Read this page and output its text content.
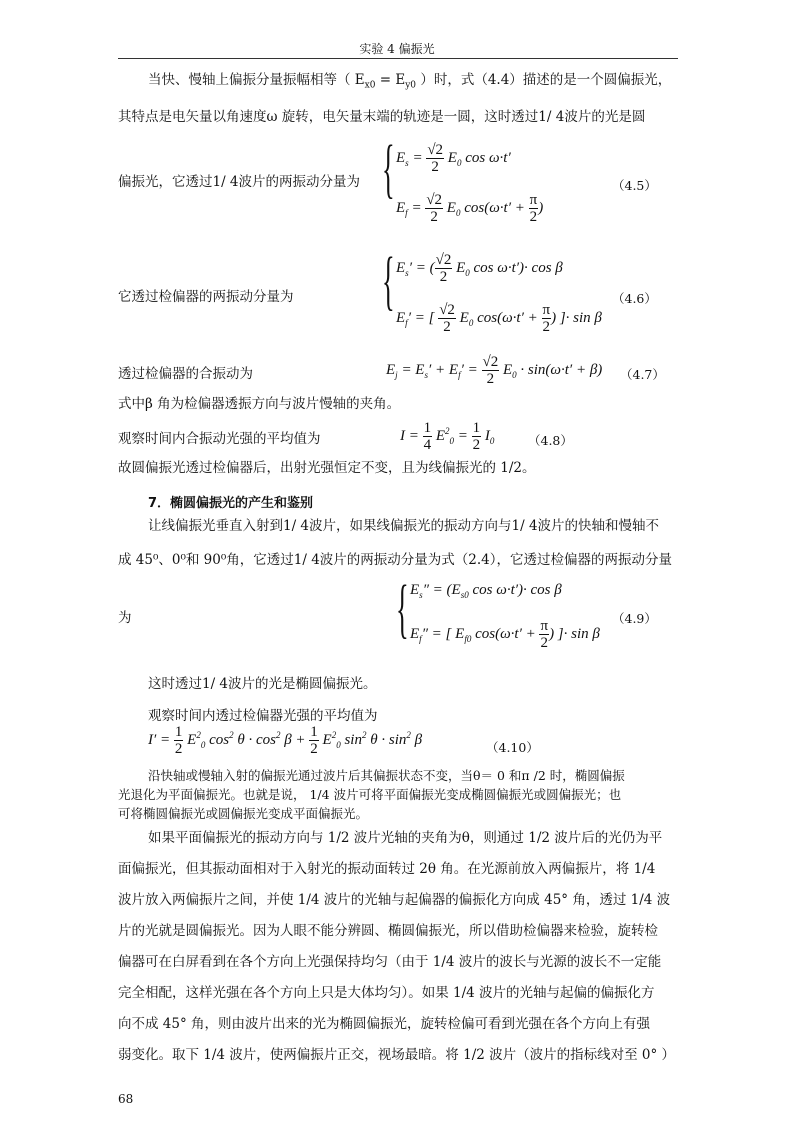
实验 4 偏振光
当快、慢轴上偏振分量振幅相等（ $E_{x0} = E_{y0}$ ）时，式（4.4）描述的是一个圆偏振光，
其特点是电矢量以角速度ω 旋转，电矢量末端的轨迹是一圆，这时透过1/ 4波片的光是圆
偏振光，它透过1/ 4波片的两振动分量为 { $E_s = \frac{√2}{2} E_0$ cos ω·t′
$E_f = \frac{√2}{2} E_0$ $\cos(\omega\cdot t' + \frac{\pi}{2}$ )
（4.5）
它透过检偏器的两振动分量为 { $E_s'$ = ( $\frac{√2}{2} E_0$ cos ω·t′)· cos β
$E_f'$ = [ $\frac{√2}{2} E_0$ $\cos(\omega\cdot t' + \frac{\pi}{2}$ ) ]· sin β
（4.6）
透过检偏器的合振动为	$E_j = E_s' + E_f' = \frac{√2}{2} E_0 \cdot \sin(\omega\cdot t' + \beta)$ （4.7）
式中β 角为检偏器透振方向与波片慢轴的夹角。
观察时间内合振动光强的平均值为	$I = \frac{1}{4} E^2_0 = \frac{1}{2} I_0$	（4.8）
故圆偏振光透过检偏器后，出射光强恒定不变，且为线偏振光的 1/2。
7．椭圆偏振光的产生和鉴别
让线偏振光垂直入射到1/ 4波片，如果线偏振光的振动方向与1/ 4波片的快轴和慢轴不
成 45⁰、0⁰和 90⁰角，它透过1/ 4波片的两振动分量为式（2.4），它透过检偏器的两振动分量
为	{ $E_s'' = (E_{s0}$ cos ω·t′)· cos β
$E_f''$ = [ $E_{f0}$ $\cos(\omega\cdot t' + \frac{\pi}{2}$ ) ]· sin β
（4.9）
这时透过1/ 4波片的光是椭圆偏振光。
观察时间内透过检偏器光强的平均值为
$I' = \frac{1}{2} E^2_0$ $\cos^2 \theta \cdot \cos^2 \beta + \frac{1}{2} E^2_0$ $\sin^2 \theta \cdot \sin^2 \beta$	（4.10）
沿快轴或慢轴入射的偏振光通过波片后其偏振状态不变，当θ＝ 0 和π /2 时，椭圆偏振
光退化为平面偏振光。也就是说， 1/4 波片可将平面偏振光变成椭圆偏振光或圆偏振光；也
可将椭圆偏振光或圆偏振光变成平面偏振光。
如果平面偏振光的振动方向与 1/2 波片光轴的夹角为θ，则通过 1/2 波片后的光仍为平
面偏振光，但其振动面相对于入射光的振动面转过 2θ 角。在光源前放入两偏振片，将 1/4
波片放入两偏振片之间，并使 1/4 波片的光轴与起偏器的偏振化方向成 45° 角，透过 1/4 波
片的光就是圆偏振光。因为人眼不能分辨圆、椭圆偏振光，所以借助检偏器来检验，旋转检
偏器可在白屏看到在各个方向上光强保持均匀（由于 1/4 波片的波长与光源的波长不一定能
完全相配，这样光强在各个方向上只是大体均匀）。如果 1/4 波片的光轴与起偏的偏振化方
向不成 45° 角，则由波片出来的光为椭圆偏振光，旋转检偏可看到光强在各个方向上有强
弱变化。取下 1/4 波片，使两偏振片正交，视场最暗。将 1/2 波片（波片的指标线对至 0° ）
68
